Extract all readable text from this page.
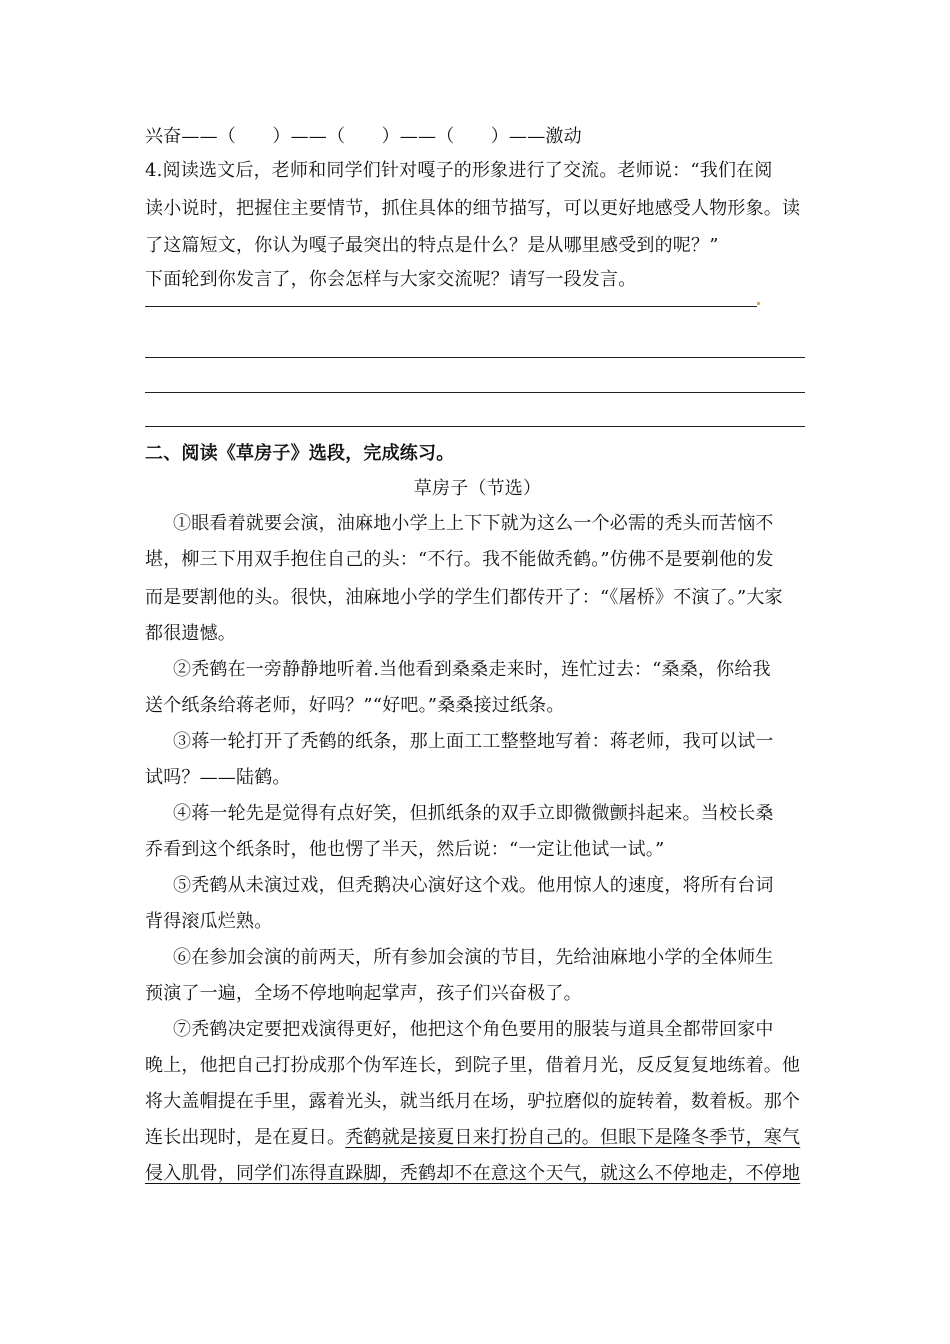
兴奋——（　　）——（　　）——（　　）——激动
4.阅读选文后，老师和同学们针对嘎子的形象进行了交流。老师说：“我们在阅
读小说时，把握住主要情节，抓住具体的细节描写，可以更好地感受人物形象。读
了这篇短文，你认为嘎子最突出的特点是什么？是从哪里感受到的呢？”
下面轮到你发言了，你会怎样与大家交流呢？请写一段发言。
二、阅读《草房子》选段，完成练习。
草房子（节选）
①眼看着就要会演，油麻地小学上上下下就为这么一个必需的秃头而苦恼不
堪，柳三下用双手抱住自己的头：“不行。我不能做秃鹤。”仿佛不是要剃他的发
而是要割他的头。很快，油麻地小学的学生们都传开了：“《屠桥》不演了。”大家
都很遗憾。
②秃鹤在一旁静静地听着.当他看到桑桑走来时，连忙过去：“桑桑，你给我
送个纸条给蒋老师，好吗？”“好吧。”桑桑接过纸条。
③蒋一轮打开了秃鹤的纸条，那上面工工整整地写着：蒋老师，我可以试一
试吗？——陆鹤。
④蒋一轮先是觉得有点好笑，但抓纸条的双手立即微微颤抖起来。当校长桑
乔看到这个纸条时，他也愣了半天，然后说：“一定让他试一试。”
⑤秃鹤从未演过戏，但秃鹅决心演好这个戏。他用惊人的速度，将所有台词
背得滚瓜烂熟。
⑥在参加会演的前两天，所有参加会演的节目，先给油麻地小学的全体师生
预演了一遍，全场不停地响起掌声，孩子们兴奋极了。
⑦秃鹤决定要把戏演得更好，他把这个角色要用的服装与道具全都带回家中
晚上，他把自己打扮成那个伪军连长，到院子里，借着月光，反反复复地练着。他
将大盖帽提在手里，露着光头，就当纸月在场，驴拉磨似的旋转着，数着板。那个
连长出现时，是在夏日。秃鹤就是接夏日来打扮自己的。但眼下是隆冬季节，寒气
侵入肌骨，同学们冻得直跺脚，秃鹤却不在意这个天气，就这么不停地走，不停地
